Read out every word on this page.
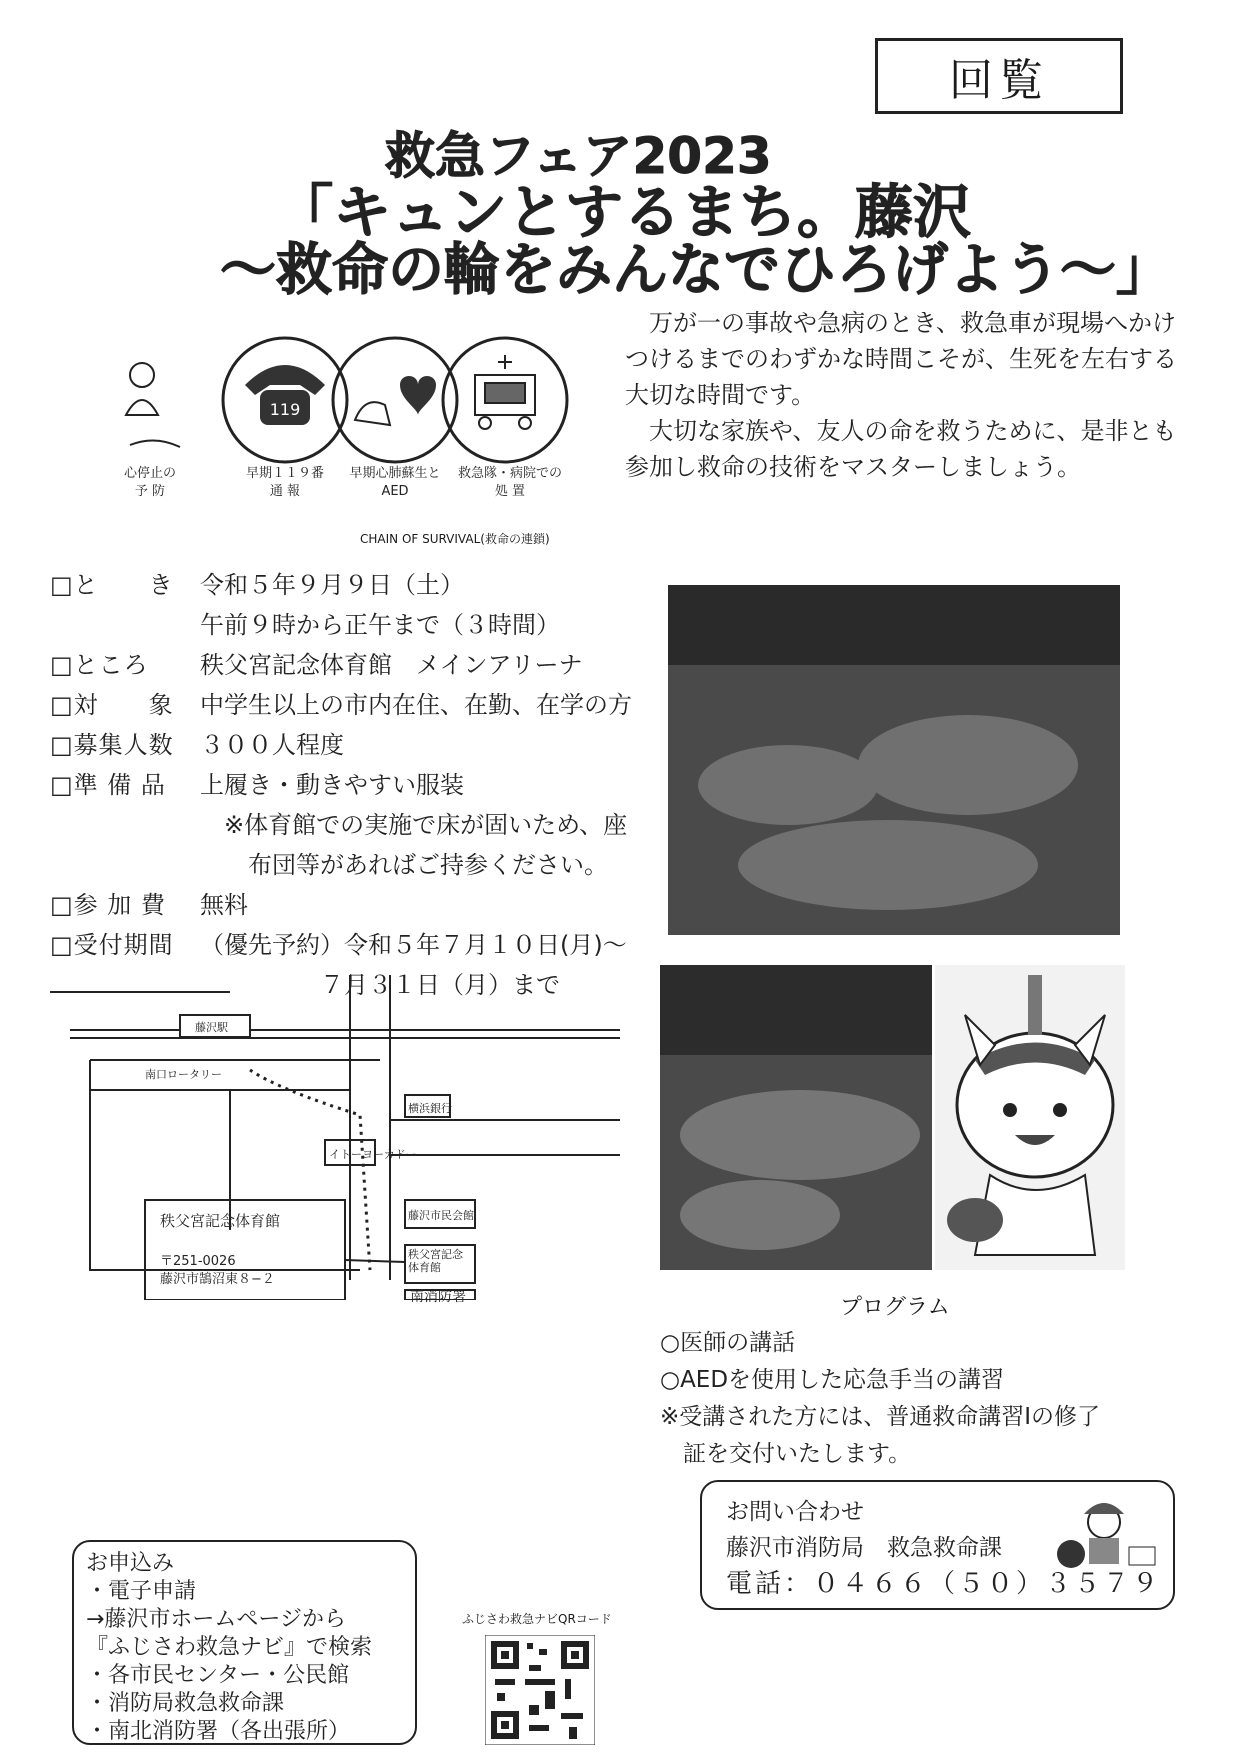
回覧
救急フェア2023
「キュンとするまち。藤沢
〜救命の輪をみんなでひろげよう〜」
119
心停止の
予 防
早期１１９番
通 報
早期心肺蘇生と
AED
救急隊・病院での
処 置
CHAIN OF SURVIVAL(救命の連鎖)

　万が一の事故や急病のとき、救急車が現場へかけつけるまでのわずかな時間こそが、生死を左右する大切な時間です。

　大切な家族や、友人の命を救うために、是非とも参加し救命の技術をマスターしましょう。

□と　　き 令和５年９月９日（土）
午前９時から正午まで（３時間）
□ところ 秩父宮記念体育館　メインアリーナ
□対　　象 中学生以上の市内在住、在勤、在学の方
□募集人数 ３００人程度
□準 備 品 上履き・動きやすい服装
　※体育館での実施で床が固いため、座
　　布団等があればご持参ください。
□参 加 費 無料
□受付期間 （優先予約）令和５年７月１０日(月)〜
　　　　　７月３１日（月）まで
藤沢駅
南口ロータリー
横浜銀行
イトーヨーカドー
藤沢市民会館
秩父宮記念
体育館
南消防署
秩父宮記念体育館
〒251-0026
藤沢市鵠沼東８−２
プログラム
○医師の講話
○AEDを使用した応急手当の講習
※受講された方には、普通救命講習Ⅰの修了
　証を交付いたします。
お申込み
・電子申請
→藤沢市ホームページから
『ふじさわ救急ナビ』で検索
・各市民センター・公民館
・消防局救急救命課
・南北消防署（各出張所）
ふじさわ救急ナビQRコード
お問い合わせ
藤沢市消防局　救急救命課
電話：０４６６（５０）３５７９
